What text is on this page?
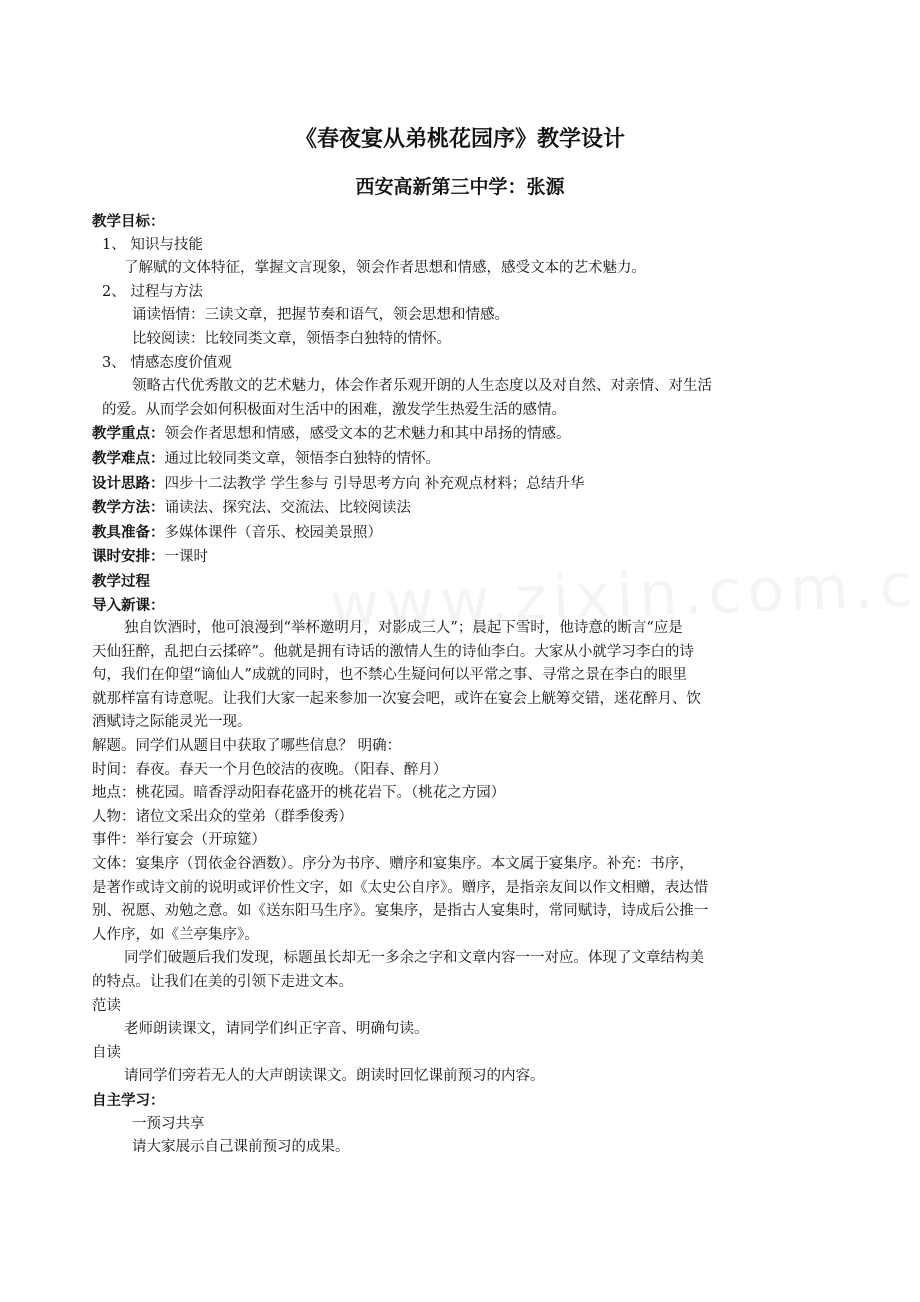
《春夜宴从弟桃花园序》教学设计
西安高新第三中学：张源

教学目标：

1、 知识与技能

了解赋的文体特征，掌握文言现象，领会作者思想和情感，感受文本的艺术魅力。

2、 过程与方法

诵读悟情：三读文章，把握节奏和语气，领会思想和情感。

比较阅读：比较同类文章，领悟李白独特的情怀。

3、 情感态度价值观

领略古代优秀散文的艺术魅力，体会作者乐观开朗的人生态度以及对自然、对亲情、对生活

的爱。从而学会如何积极面对生活中的困难，激发学生热爱生活的感情。

教学重点：领会作者思想和情感，感受文本的艺术魅力和其中昂扬的情感。

教学难点：通过比较同类文章，领悟李白独特的情怀。

设计思路：四步十二法教学 学生参与 引导思考方向 补充观点材料；总结升华

教学方法：诵读法、探究法、交流法、比较阅读法

教具准备：多媒体课件（音乐、校园美景照）

课时安排：一课时

教学过程

导入新课：

独自饮酒时，他可浪漫到“举杯邀明月，对影成三人”；晨起下雪时，他诗意的断言“应是

天仙狂醉，乱把白云揉碎”。他就是拥有诗话的激情人生的诗仙李白。大家从小就学习李白的诗

句，我们在仰望“谪仙人”成就的同时，也不禁心生疑问何以平常之事、寻常之景在李白的眼里

就那样富有诗意呢。让我们大家一起来参加一次宴会吧，或许在宴会上觥筹交错，迷花醉月、饮

酒赋诗之际能灵光一现。

解题。同学们从题目中获取了哪些信息？ 明确：

时间：春夜。春天一个月色皎洁的夜晚。（阳春、醉月）

地点：桃花园。暗香浮动阳春花盛开的桃花岩下。（桃花之方园）

人物：诸位文采出众的堂弟（群季俊秀）

事件：举行宴会（开琼筵）

文体：宴集序（罚依金谷酒数）。序分为书序、赠序和宴集序。本文属于宴集序。补充：书序，

是著作或诗文前的说明或评价性文字，如《太史公自序》。赠序，是指亲友间以作文相赠，表达惜

别、祝愿、劝勉之意。如《送东阳马生序》。宴集序，是指古人宴集时，常同赋诗，诗成后公推一

人作序，如《兰亭集序》。

同学们破题后我们发现，标题虽长却无一多余之字和文章内容一一对应。体现了文章结构美

的特点。让我们在美的引领下走进文本。

范读

老师朗读课文，请同学们纠正字音、明确句读。

自读

请同学们旁若无人的大声朗读课文。朗读时回忆课前预习的内容。

自主学习：

一预习共享

请大家展示自己课前预习的成果。
